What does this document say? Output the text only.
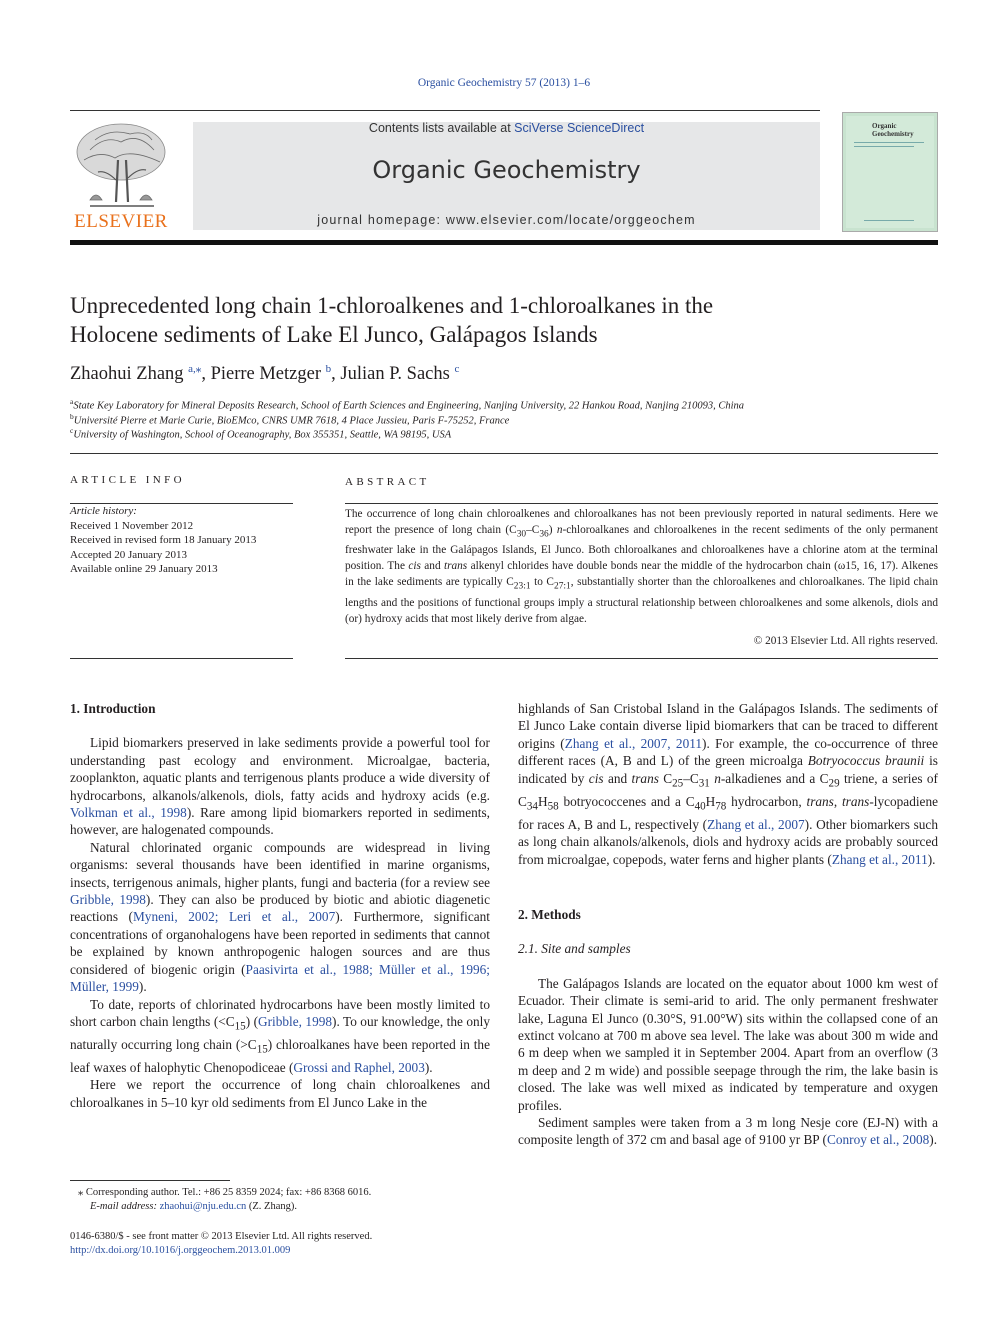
Organic Geochemistry 57 (2013) 1–6
ELSEVIER
Contents lists available at SciVerse ScienceDirect
Organic Geochemistry
journal homepage: www.elsevier.com/locate/orggeochem
Organic Geochemistry
Unprecedented long chain 1-chloroalkenes and 1-chloroalkanes in the
Holocene sediments of Lake El Junco, Galápagos Islands
Zhaohui Zhang $^{a,⁎}$, Pierre Metzger $^b$, Julian P. Sachs $^c$
$^a$State Key Laboratory for Mineral Deposits Research, School of Earth Sciences and Engineering, Nanjing University, 22 Hankou Road, Nanjing 210093, China
$^b$Université Pierre et Marie Curie, BioEMco, CNRS UMR 7618, 4 Place Jussieu, Paris F-75252, France
$^c$University of Washington, School of Oceanography, Box 355351, Seattle, WA 98195, USA
ARTICLE INFO
Article history:
Received 1 November 2012
Received in revised form 18 January 2013
Accepted 20 January 2013
Available online 29 January 2013
ABSTRACT
The occurrence of long chain chloroalkenes and chloroalkanes has not been previously reported in natural sediments. Here we report the presence of long chain $(C_{30}-C_{36})$ n-chloroalkanes and chloroalkenes in the recent sediments of the only permanent freshwater lake in the Galápagos Islands, El Junco. Both chloroalkanes and chloroalkenes have a chlorine atom at the terminal position. The cis and trans alkenyl chlorides have double bonds near the middle of the hydrocarbon chain (ω15, 16, 17). Alkenes in the lake sediments are typically $C_{23:1}$ to $C_{27:1}$, substantially shorter than the chloroalkenes and chloroalkanes. The lipid chain lengths and the positions of functional groups imply a structural relationship between chloroalkenes and some alkenols, diols and (or) hydroxy acids that most likely derive from algae.
© 2013 Elsevier Ltd. All rights reserved.
1. Introduction

Lipid biomarkers preserved in lake sediments provide a powerful tool for understanding past ecology and environment. Microalgae, bacteria, zooplankton, aquatic plants and terrigenous plants produce a wide diversity of hydrocarbons, alkanols/alkenols, diols, fatty acids and hydroxy acids (e.g. Volkman et al., 1998). Rare among lipid biomarkers reported in sediments, however, are halogenated compounds.

Natural chlorinated organic compounds are widespread in living organisms: several thousands have been identified in marine organisms, insects, terrigenous animals, higher plants, fungi and bacteria (for a review see Gribble, 1998). They can also be produced by biotic and abiotic diagenetic reactions (Myneni, 2002; Leri et al., 2007). Furthermore, significant concentrations of organohalogens have been reported in sediments that cannot be explained by known anthropogenic halogen sources and are thus considered of biogenic origin (Paasivirta et al., 1988; Müller et al., 1996; Müller, 1999).

To date, reports of chlorinated hydrocarbons have been mostly limited to short carbon chain lengths $(<C_{15})$ (Gribble, 1998). To our knowledge, the only naturally occurring long chain $(>C_{15})$ chloroalkanes have been reported in the leaf waxes of halophytic Chenopodiceae (Grossi and Raphel, 2003).

Here we report the occurrence of long chain chloroalkenes and chloroalkanes in 5–10 kyr old sediments from El Junco Lake in the

highlands of San Cristobal Island in the Galápagos Islands. The sediments of El Junco Lake contain diverse lipid biomarkers that can be traced to different origins (Zhang et al., 2007, 2011). For example, the co-occurrence of three different races (A, B and L) of the green microalga Botryococcus braunii is indicated by cis and trans $C_{25}-C_{31}$ n-alkadienes and a $C_{29}$ triene, a series of $C_{34}H_{58}$ botryococcenes and a $C_{40}H_{78}$ hydrocarbon, trans, trans-lycopadiene for races A, B and L, respectively (Zhang et al., 2007). Other biomarkers such as long chain alkanols/alkenols, diols and hydroxy acids are probably sourced from microalgae, copepods, water ferns and higher plants (Zhang et al., 2011).

2. Methods
2.1. Site and samples

The Galápagos Islands are located on the equator about 1000 km west of Ecuador. Their climate is semi-arid to arid. The only permanent freshwater lake, Laguna El Junco (0.30°S, 91.00°W) sits within the collapsed cone of an extinct volcano at 700 m above sea level. The lake was about 300 m wide and 6 m deep when we sampled it in September 2004. Apart from an overflow (3 m deep and 2 m wide) and possible seepage through the rim, the lake basin is closed. The lake was well mixed as indicated by temperature and oxygen profiles.

Sediment samples were taken from a 3 m long Nesje core (EJ-N) with a composite length of 372 cm and basal age of 9100 yr BP (Conroy et al., 2008).

⁎ Corresponding author. Tel.: +86 25 8359 2024; fax: +86 8368 6016.
E-mail address: zhaohui@nju.edu.cn (Z. Zhang).
0146-6380/$ - see front matter © 2013 Elsevier Ltd. All rights reserved.
http://dx.doi.org/10.1016/j.orggeochem.2013.01.009
